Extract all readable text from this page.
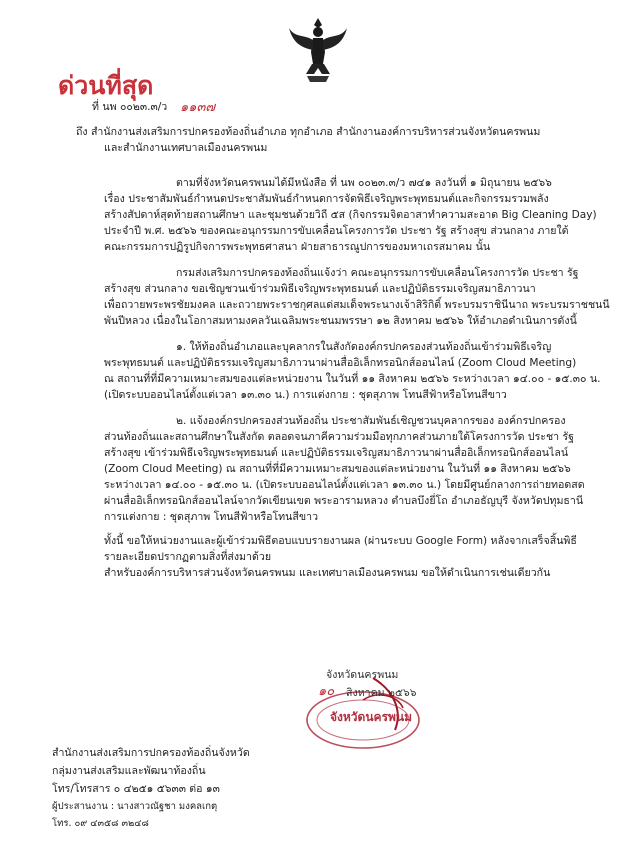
ด่วนที่สุด
ที่ นพ ๐๐๒๓.๓/ว ๑๑๓๗
ถึง สำนักงานส่งเสริมการปกครองท้องถิ่นอำเภอ ทุกอำเภอ สำนักงานองค์การบริหารส่วนจังหวัดนครพนม
และสำนักงานเทศบาลเมืองนครพนม
ตามที่จังหวัดนครพนมได้มีหนังสือ ที่ นพ ๐๐๒๓.๓/ว ๗๔๑ ลงวันที่ ๑ มิถุนายน ๒๕๖๖
เรื่อง ประชาสัมพันธ์กำหนดประชาสัมพันธ์กำหนดการจัดพิธีเจริญพระพุทธมนต์และกิจกรรมรวมพลัง
สร้างสัปดาห์สุดท้ายสถานศึกษา และชุมชนด้วยวิถี ๕ส (กิจกรรมจิตอาสาทำความสะอาด Big Cleaning Day)
ประจำปี พ.ศ. ๒๕๖๖ ของคณะอนุกรรมการขับเคลื่อนโครงการวัด ประชา รัฐ สร้างสุข ส่วนกลาง ภายใต้
คณะกรรมการปฏิรูปกิจการพระพุทธศาสนา ฝ่ายสาธารณูปการของมหาเถรสมาคม นั้น
กรมส่งเสริมการปกครองท้องถิ่นแจ้งว่า คณะอนุกรรมการขับเคลื่อนโครงการวัด ประชา รัฐ
สร้างสุข ส่วนกลาง ขอเชิญชวนเข้าร่วมพิธีเจริญพระพุทธมนต์ และปฏิบัติธรรมเจริญสมาธิภาวนา
เพื่อถวายพระพรชัยมงคล และถวายพระราชกุศลแด่สมเด็จพระนางเจ้าสิริกิติ์ พระบรมราชินีนาถ พระบรมราชชนนี
พันปีหลวง เนื่องในโอกาสมหามงคลวันเฉลิมพระชนมพรรษา ๑๒ สิงหาคม ๒๕๖๖ ให้อำเภอดำเนินการดังนี้
๑. ให้ท้องถิ่นอำเภอและบุคลากรในสังกัดองค์กรปกครองส่วนท้องถิ่นเข้าร่วมพิธีเจริญ
พระพุทธมนต์ และปฏิบัติธรรมเจริญสมาธิภาวนาผ่านสื่ออิเล็กทรอนิกส์ออนไลน์ (Zoom Cloud Meeting)
ณ สถานที่ที่มีความเหมาะสมของแต่ละหน่วยงาน ในวันที่ ๑๑ สิงหาคม ๒๕๖๖ ระหว่างเวลา ๑๔.๐๐ - ๑๕.๓๐ น.
(เปิดระบบออนไลน์ตั้งแต่เวลา ๑๓.๓๐ น.) การแต่งกาย : ชุดสุภาพ โทนสีฟ้าหรือโทนสีขาว
๒. แจ้งองค์กรปกครองส่วนท้องถิ่น ประชาสัมพันธ์เชิญชวนบุคลากรของ องค์กรปกครอง
ส่วนท้องถิ่นและสถานศึกษาในสังกัด ตลอดจนภาคีความร่วมมือทุกภาคส่วนภายใต้โครงการวัด ประชา รัฐ
สร้างสุข เข้าร่วมพิธีเจริญพระพุทธมนต์ และปฏิบัติธรรมเจริญสมาธิภาวนาผ่านสื่ออิเล็กทรอนิกส์ออนไลน์
(Zoom Cloud Meeting) ณ สถานที่ที่มีความเหมาะสมของแต่ละหน่วยงาน ในวันที่ ๑๑ สิงหาคม ๒๕๖๖
ระหว่างเวลา ๑๔.๐๐ - ๑๕.๓๐ น. (เปิดระบบออนไลน์ตั้งแต่เวลา ๑๓.๓๐ น.) โดยมีศูนย์กลางการถ่ายทอดสด
ผ่านสื่ออิเล็กทรอนิกส์ออนไลน์จากวัดเขียนเขต พระอารามหลวง ตำบลบึงยี่โถ อำเภอธัญบุรี จังหวัดปทุมธานี
การแต่งกาย : ชุดสุภาพ โทนสีฟ้าหรือโทนสีขาว
ทั้งนี้ ขอให้หน่วยงานและผู้เข้าร่วมพิธีตอบแบบรายงานผล (ผ่านระบบ Google Form) หลังจากเสร็จสิ้นพิธี
รายละเอียดปรากฏตามสิ่งที่ส่งมาด้วย
สำหรับองค์การบริหารส่วนจังหวัดนครพนม และเทศบาลเมืองนครพนม ขอให้ดำเนินการเช่นเดียวกัน
จังหวัดนครพนม
๑๐ สิงหาคม ๒๕๖๖
จังหวัดนครพนม
สำนักงานส่งเสริมการปกครองท้องถิ่นจังหวัด
กลุ่มงานส่งเสริมและพัฒนาท้องถิ่น
โทร/โทรสาร ๐ ๔๒๕๑ ๕๖๓๓ ต่อ ๑๓
ผู้ประสานงาน : นางสาวณัฐชา มงคลเกตุ
โทร. ๐๙ ๔๓๕๘ ๓๒๔๘
